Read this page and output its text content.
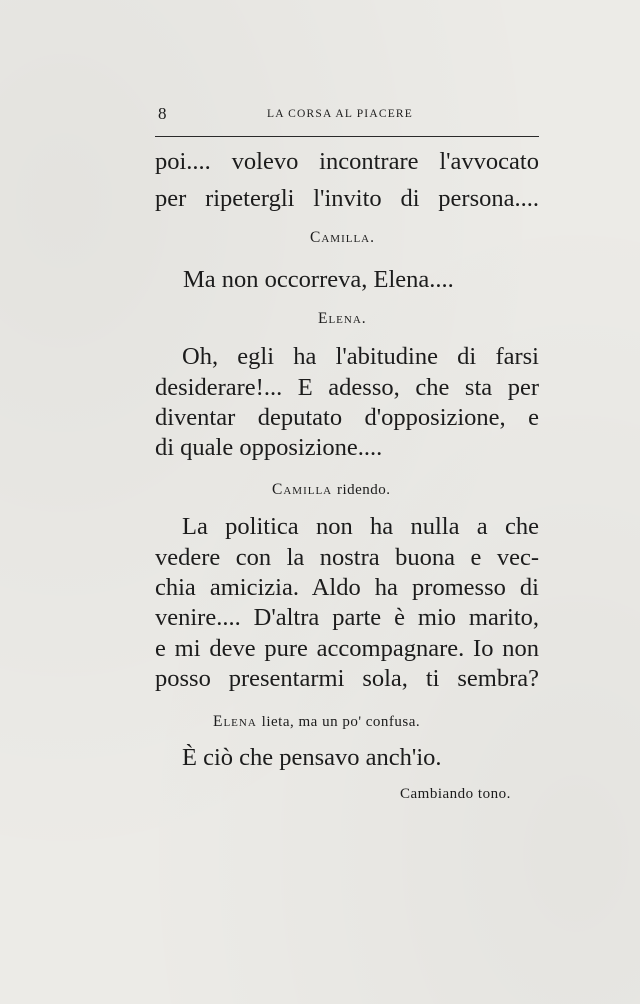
8	LA CORSA AL PIACERE
poi.... volevo incontrare l'avvocato
per ripetergli l'invito di persona....
Camilla.
Ma non occorreva, Elena....
Elena.
Oh, egli ha l'abitudine di farsi
desiderare!... E adesso, che sta per
diventar deputato d'opposizione, e
di quale opposizione....
Camilla ridendo.
La politica non ha nulla a che
vedere con la nostra buona e vec-
chia amicizia. Aldo ha promesso di
venire.... D'altra parte è mio marito,
e mi deve pure accompagnare. Io non
posso presentarmi sola, ti sembra?
Elena lieta, ma un po' confusa.
È ciò che pensavo anch'io.
Cambiando tono.
